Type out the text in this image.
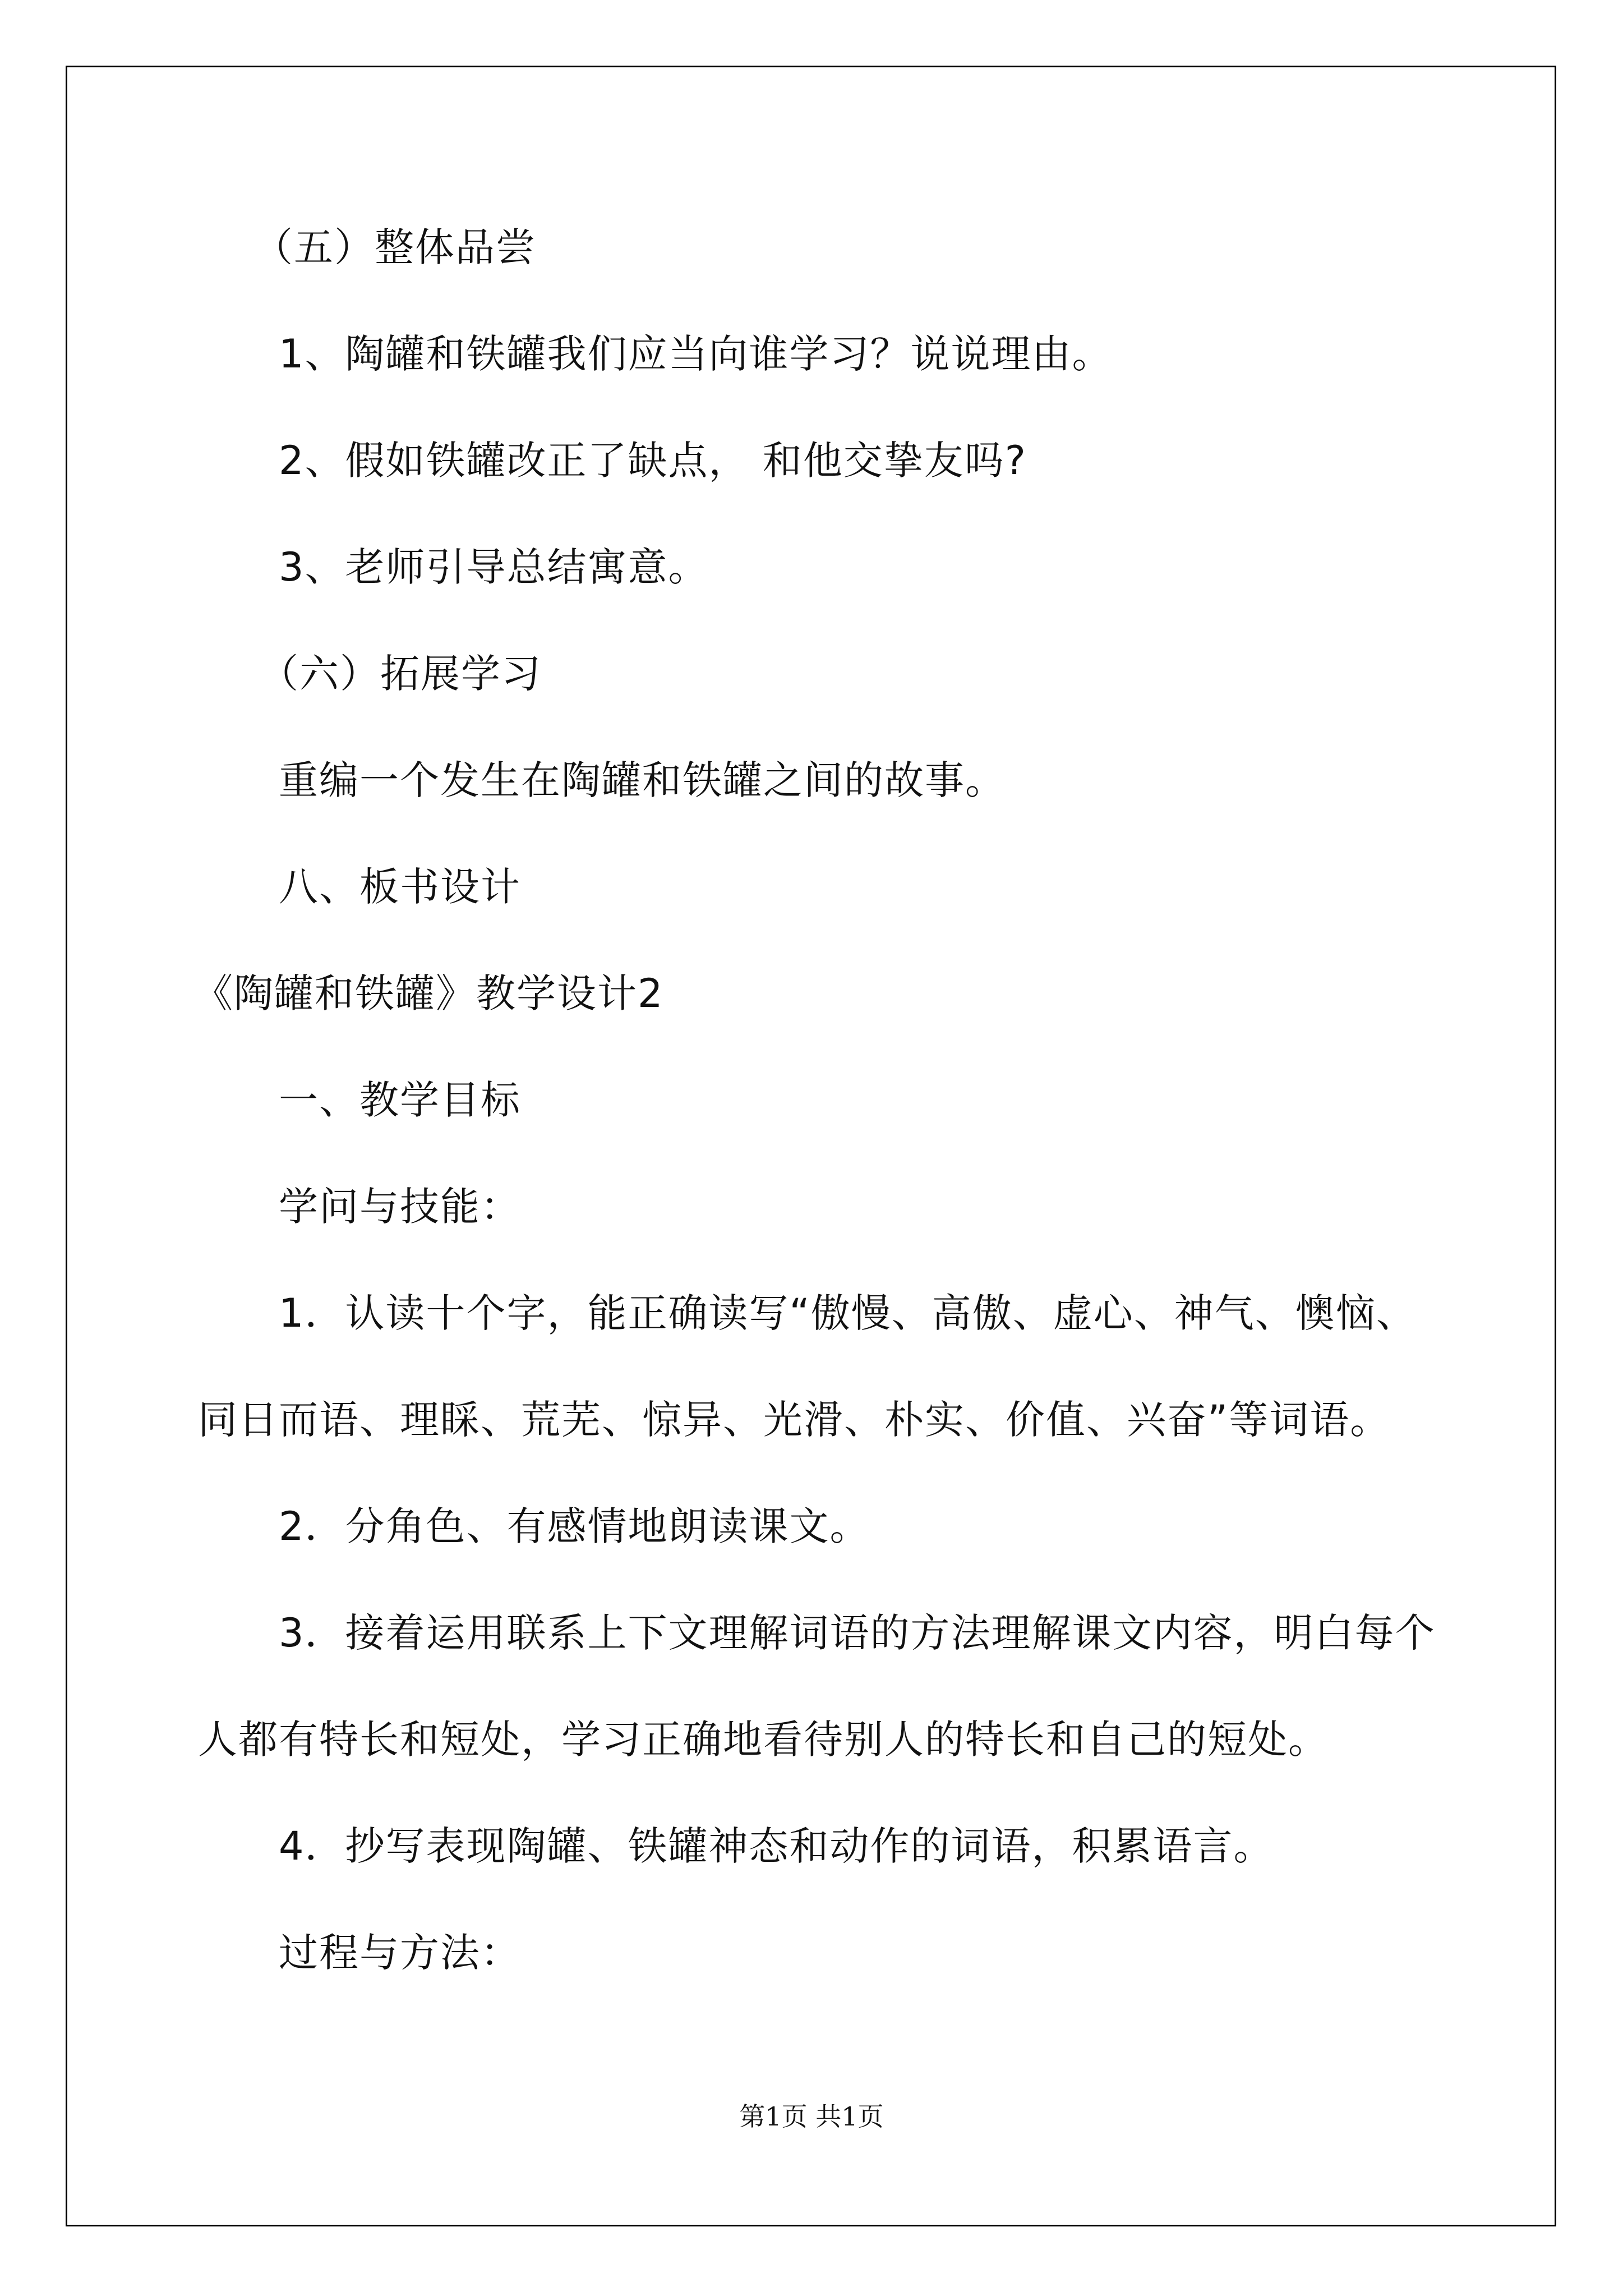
（五）整体品尝
1、陶罐和铁罐我们应当向谁学习？说说理由。
2、假如铁罐改正了缺点， 和他交挚友吗?
3、老师引导总结寓意。
（六）拓展学习
重编一个发生在陶罐和铁罐之间的故事。
八、板书设计
《陶罐和铁罐》教学设计2
一、教学目标
学问与技能：
1．认读十个字，能正确读写“傲慢、高傲、虚心、神气、懊恼、
同日而语、理睬、荒芜、惊异、光滑、朴实、价值、兴奋”等词语。
2．分角色、有感情地朗读课文。
3．接着运用联系上下文理解词语的方法理解课文内容，明白每个
人都有特长和短处，学习正确地看待别人的特长和自己的短处。
4．抄写表现陶罐、铁罐神态和动作的词语，积累语言。
过程与方法：
第1页 共1页
